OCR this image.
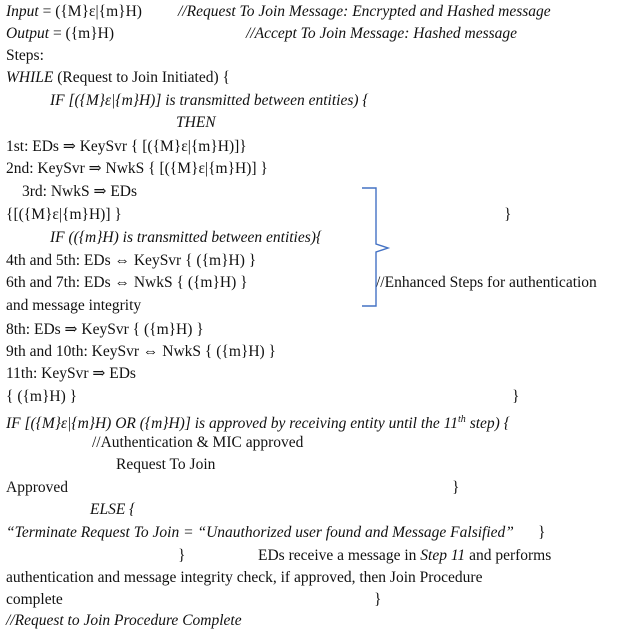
Input = ({M}ε|{m}H) //Request To Join Message: Encrypted and Hashed message
Output = ({m}H)	//Accept To Join Message: Hashed message
Steps:
WHILE (Request to Join Initiated) {
IF [({M}ε|{m}H)] is transmitted between entities) {
THEN
1st: EDs ⇒ KeySvr { [({M}ε|{m}H)]}
2nd: KeySvr ⇒ NwkS { [({M}ε|{m}H)] }
3rd: NwkS ⇒ EDs
{[({M}ε|{m}H)] }	}
IF (({m}H) is transmitted between entities){
4th and 5th: EDs ⇔ KeySvr { ({m}H) }
6th and 7th: EDs ⇔ NwkS { ({m}H) }	//Enhanced Steps for authentication
and message integrity
8th: EDs ⇒ KeySvr { ({m}H) }
9th and 10th: KeySvr ⇔ NwkS { ({m}H) }
11th: KeySvr ⇒ EDs
{ ({m}H) }	}
IF [({M}ε|{m}H) OR ({m}H)] is approved by receiving entity until the 11th step) {
//Authentication & MIC approved
Request To Join
Approved	}
ELSE {
“Terminate Request To Join = “Unauthorized user found and Message Falsified” }
}	EDs receive a message in Step 11 and performs
authentication and message integrity check, if approved, then Join Procedure
complete	}
//Request to Join Procedure Complete
